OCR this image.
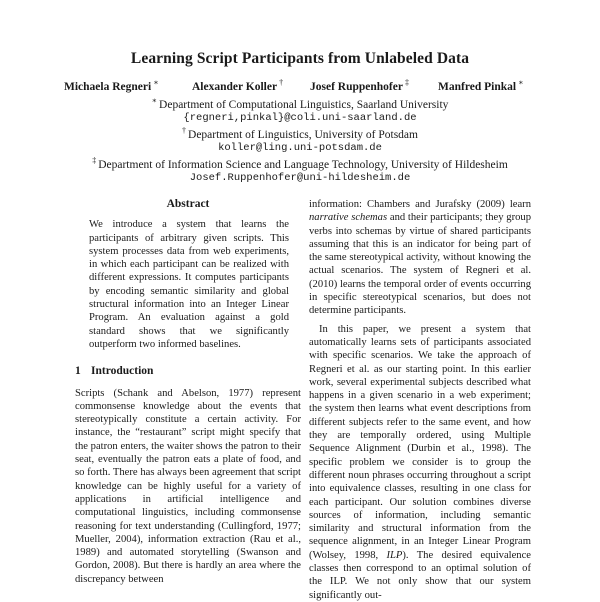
Learning Script Participants from Unlabeled Data
Michaela Regneri ∗	Alexander Koller † Josef Ruppenhofer ‡	Manfred Pinkal ∗
∗ Department of Computational Linguistics, Saarland University
{regneri,pinkal}@coli.uni-saarland.de
† Department of Linguistics, University of Potsdam
koller@ling.uni-potsdam.de
‡ Department of Information Science and Language Technology, University of Hildesheim
Josef.Ruppenhofer@uni-hildesheim.de
Abstract
We introduce a system that learns the participants of arbitrary given scripts. This system processes data from web experiments, in which each participant can be realized with different expressions. It computes participants by encoding semantic similarity and global structural information into an Integer Linear Program. An evaluation against a gold standard shows that we significantly outperform two informed baselines.
1 Introduction

Scripts (Schank and Abelson, 1977) represent commonsense knowledge about the events that stereotypically constitute a certain activity. For instance, the “restaurant” script might specify that the patron enters, the waiter shows the patron to their seat, eventually the patron eats a plate of food, and so forth. There has always been agreement that script knowledge can be highly useful for a variety of applications in artificial intelligence and computational linguistics, including commonsense reasoning for text understanding (Cullingford, 1977; Mueller, 2004), information extraction (Rau et al., 1989) and automated storytelling (Swanson and Gordon, 2008). But there is hardly an area where the discrepancy between

information: Chambers and Jurafsky (2009) learn narrative schemas and their participants; they group verbs into schemas by virtue of shared participants assuming that this is an indicator for being part of the same stereotypical activity, without knowing the actual scenarios. The system of Regneri et al. (2010) learns the temporal order of events occurring in specific stereotypical scenarios, but does not determine participants.

In this paper, we present a system that automatically learns sets of participants associated with specific scenarios. We take the approach of Regneri et al. as our starting point. In this earlier work, several experimental subjects described what happens in a given scenario in a web experiment; the system then learns what event descriptions from different subjects refer to the same event, and how they are temporally ordered, using Multiple Sequence Alignment (Durbin et al., 1998). The specific problem we consider is to group the different noun phrases occurring throughout a script into equivalence classes, resulting in one class for each participant. Our solution combines diverse sources of information, including semantic similarity and structural information from the sequence alignment, in an Integer Linear Program (Wolsey, 1998, ILP). The desired equivalence classes then correspond to an optimal solution of the ILP. We not only show that our system significantly out-
